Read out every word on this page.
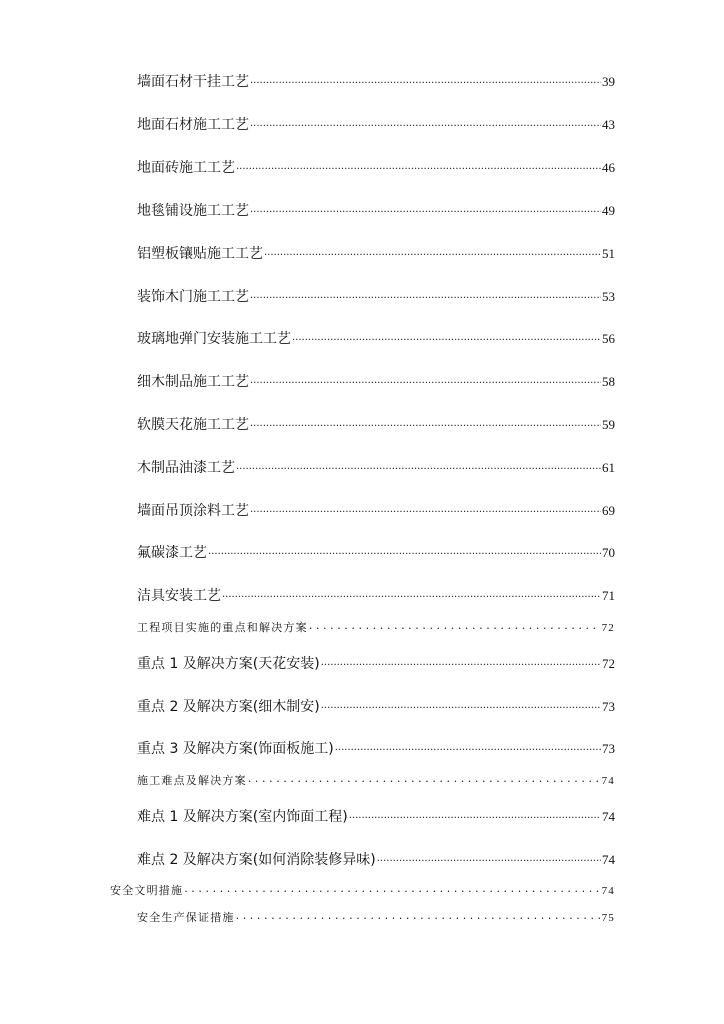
墙面石材干挂工艺 .....	39
地面石材施工工艺 .....	43
地面砖施工工艺 .....	46
地毯铺设施工工艺 .....	49
铝塑板镶贴施工工艺 .....	51
装饰木门施工工艺 .....	53
玻璃地弹门安装施工工艺 .....	56
细木制品施工工艺 .....	58
软膜天花施工工艺 .....	59
木制品油漆工艺 .....	61
墙面吊顶涂料工艺 .....	69
氟碳漆工艺 .....	70
洁具安装工艺 .....	71
工程项目实施的重点和解决方案 .....	72
重点 1 及解决方案(天花安装) .....	72
重点 2 及解决方案(细木制安) .....	73
重点 3 及解决方案(饰面板施工) .....	73
施工难点及解决方案 .....	74
难点 1 及解决方案(室内饰面工程) .....	74
难点 2 及解决方案(如何消除装修异味) .....	74
安全文明措施 .....	74
安全生产保证措施 .....	75
